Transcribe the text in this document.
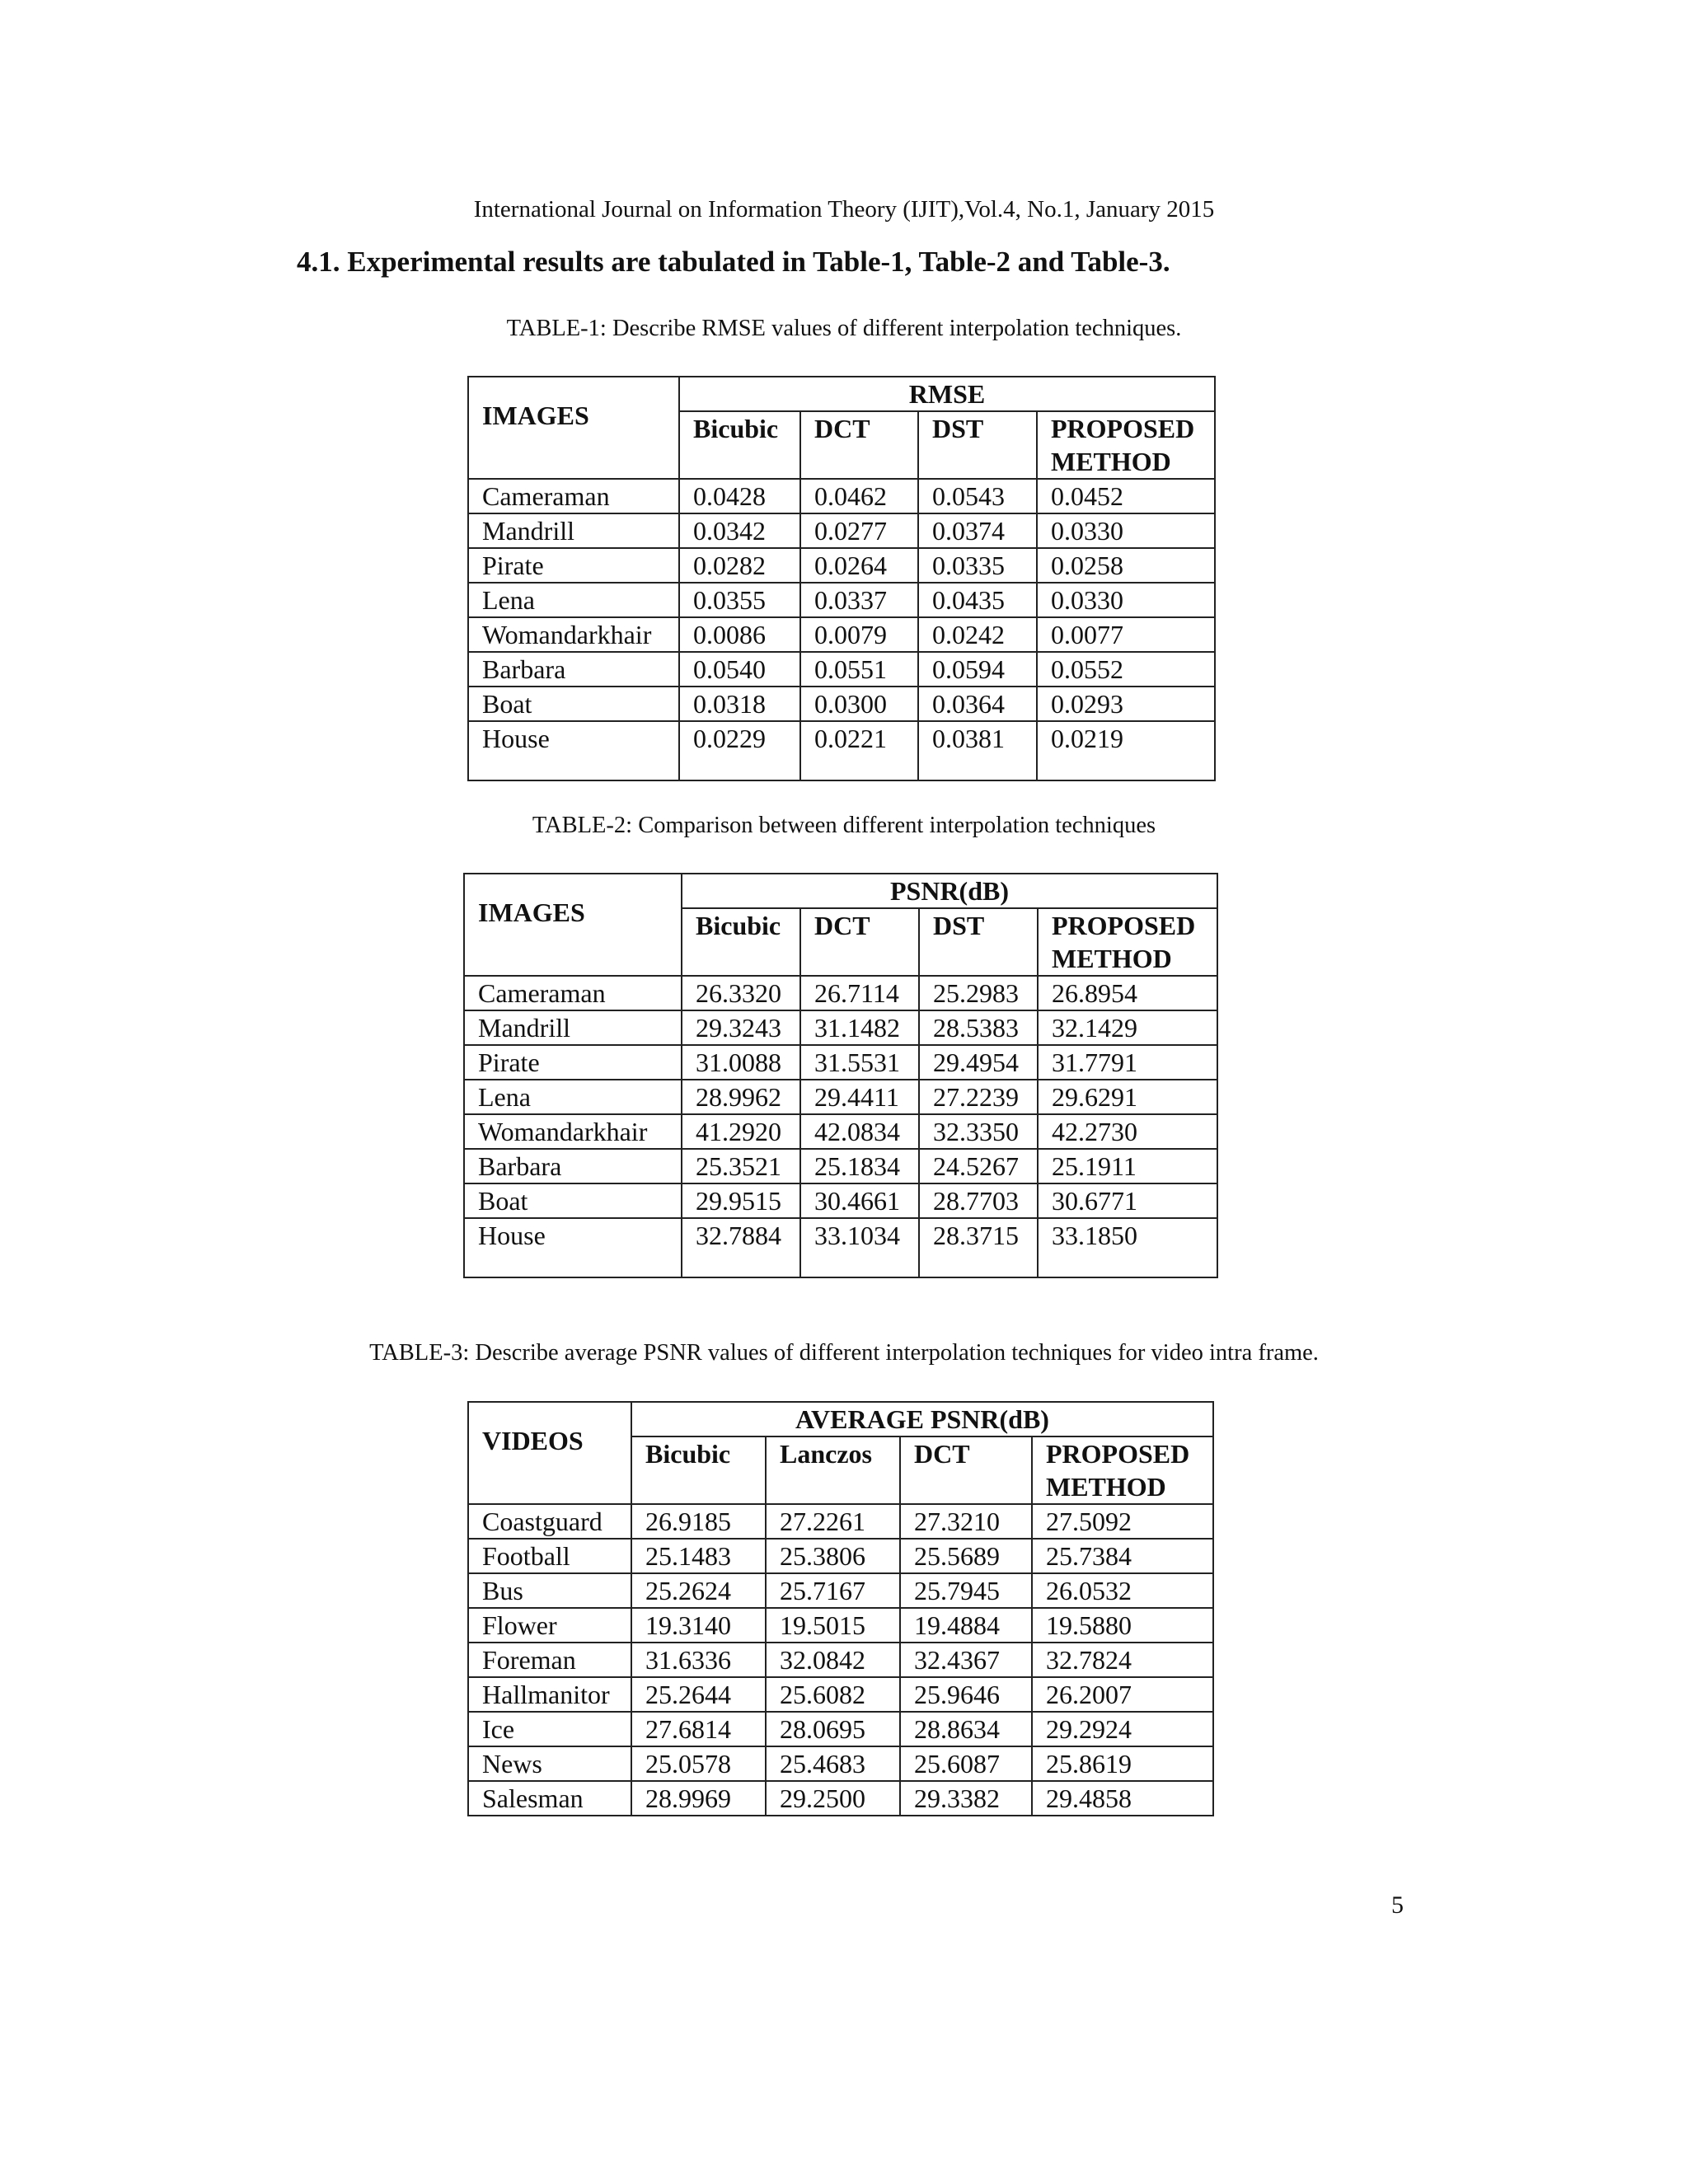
International Journal on Information Theory (IJIT),Vol.4, No.1, January 2015
4.1. Experimental results are tabulated in Table-1, Table-2 and Table-3.
TABLE-1: Describe RMSE values of different interpolation techniques.
IMAGES	RMSE			
	Bicubic	DCT	DST	PROPOSED METHOD
Cameraman	0.0428	0.0462	0.0543	0.0452
Mandrill	0.0342	0.0277	0.0374	0.0330
Pirate	0.0282	0.0264	0.0335	0.0258
Lena	0.0355	0.0337	0.0435	0.0330
Womandarkhair	0.0086	0.0079	0.0242	0.0077
Barbara	0.0540	0.0551	0.0594	0.0552
Boat	0.0318	0.0300	0.0364	0.0293
House	0.0229	0.0221	0.0381	0.0219
TABLE-2: Comparison between different interpolation techniques
IMAGES	PSNR(dB)			
	Bicubic	DCT	DST	PROPOSED METHOD
Cameraman	26.3320	26.7114	25.2983	26.8954
Mandrill	29.3243	31.1482	28.5383	32.1429
Pirate	31.0088	31.5531	29.4954	31.7791
Lena	28.9962	29.4411	27.2239	29.6291
Womandarkhair	41.2920	42.0834	32.3350	42.2730
Barbara	25.3521	25.1834	24.5267	25.1911
Boat	29.9515	30.4661	28.7703	30.6771
House	32.7884	33.1034	28.3715	33.1850
TABLE-3: Describe average PSNR values of different interpolation techniques for video intra frame.
VIDEOS	AVERAGE PSNR(dB)			
	Bicubic	Lanczos	DCT	PROPOSED METHOD
Coastguard	26.9185	27.2261	27.3210	27.5092
Football	25.1483	25.3806	25.5689	25.7384
Bus	25.2624	25.7167	25.7945	26.0532
Flower	19.3140	19.5015	19.4884	19.5880
Foreman	31.6336	32.0842	32.4367	32.7824
Hallmanitor	25.2644	25.6082	25.9646	26.2007
Ice	27.6814	28.0695	28.8634	29.2924
News	25.0578	25.4683	25.6087	25.8619
Salesman	28.9969	29.2500	29.3382	29.4858
5
